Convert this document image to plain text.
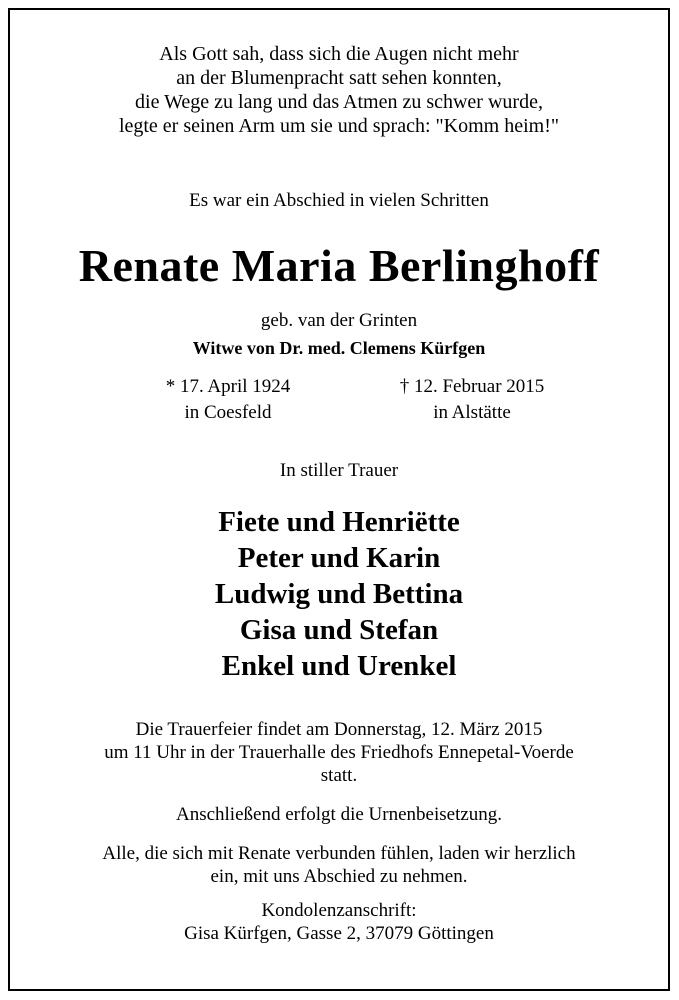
Als Gott sah, dass sich die Augen nicht mehr
an der Blumenpracht satt sehen konnten,
die Wege zu lang und das Atmen zu schwer wurde,
legte er seinen Arm um sie und sprach: "Komm heim!"
Es war ein Abschied in vielen Schritten
Renate Maria Berlinghoff
geb. van der Grinten
Witwe von Dr. med. Clemens Kürfgen
* 17. April 1924
in Coesfeld
† 12. Februar 2015
in Alstätte
In stiller Trauer
Fiete und Henriëtte
Peter und Karin
Ludwig und Bettina
Gisa und Stefan
Enkel und Urenkel
Die Trauerfeier findet am Donnerstag, 12. März 2015
um 11 Uhr in der Trauerhalle des Friedhofs Ennepetal-Voerde
statt.
Anschließend erfolgt die Urnenbeisetzung.
Alle, die sich mit Renate verbunden fühlen, laden wir herzlich
ein, mit uns Abschied zu nehmen.
Kondolenzanschrift:
Gisa Kürfgen, Gasse 2, 37079 Göttingen
